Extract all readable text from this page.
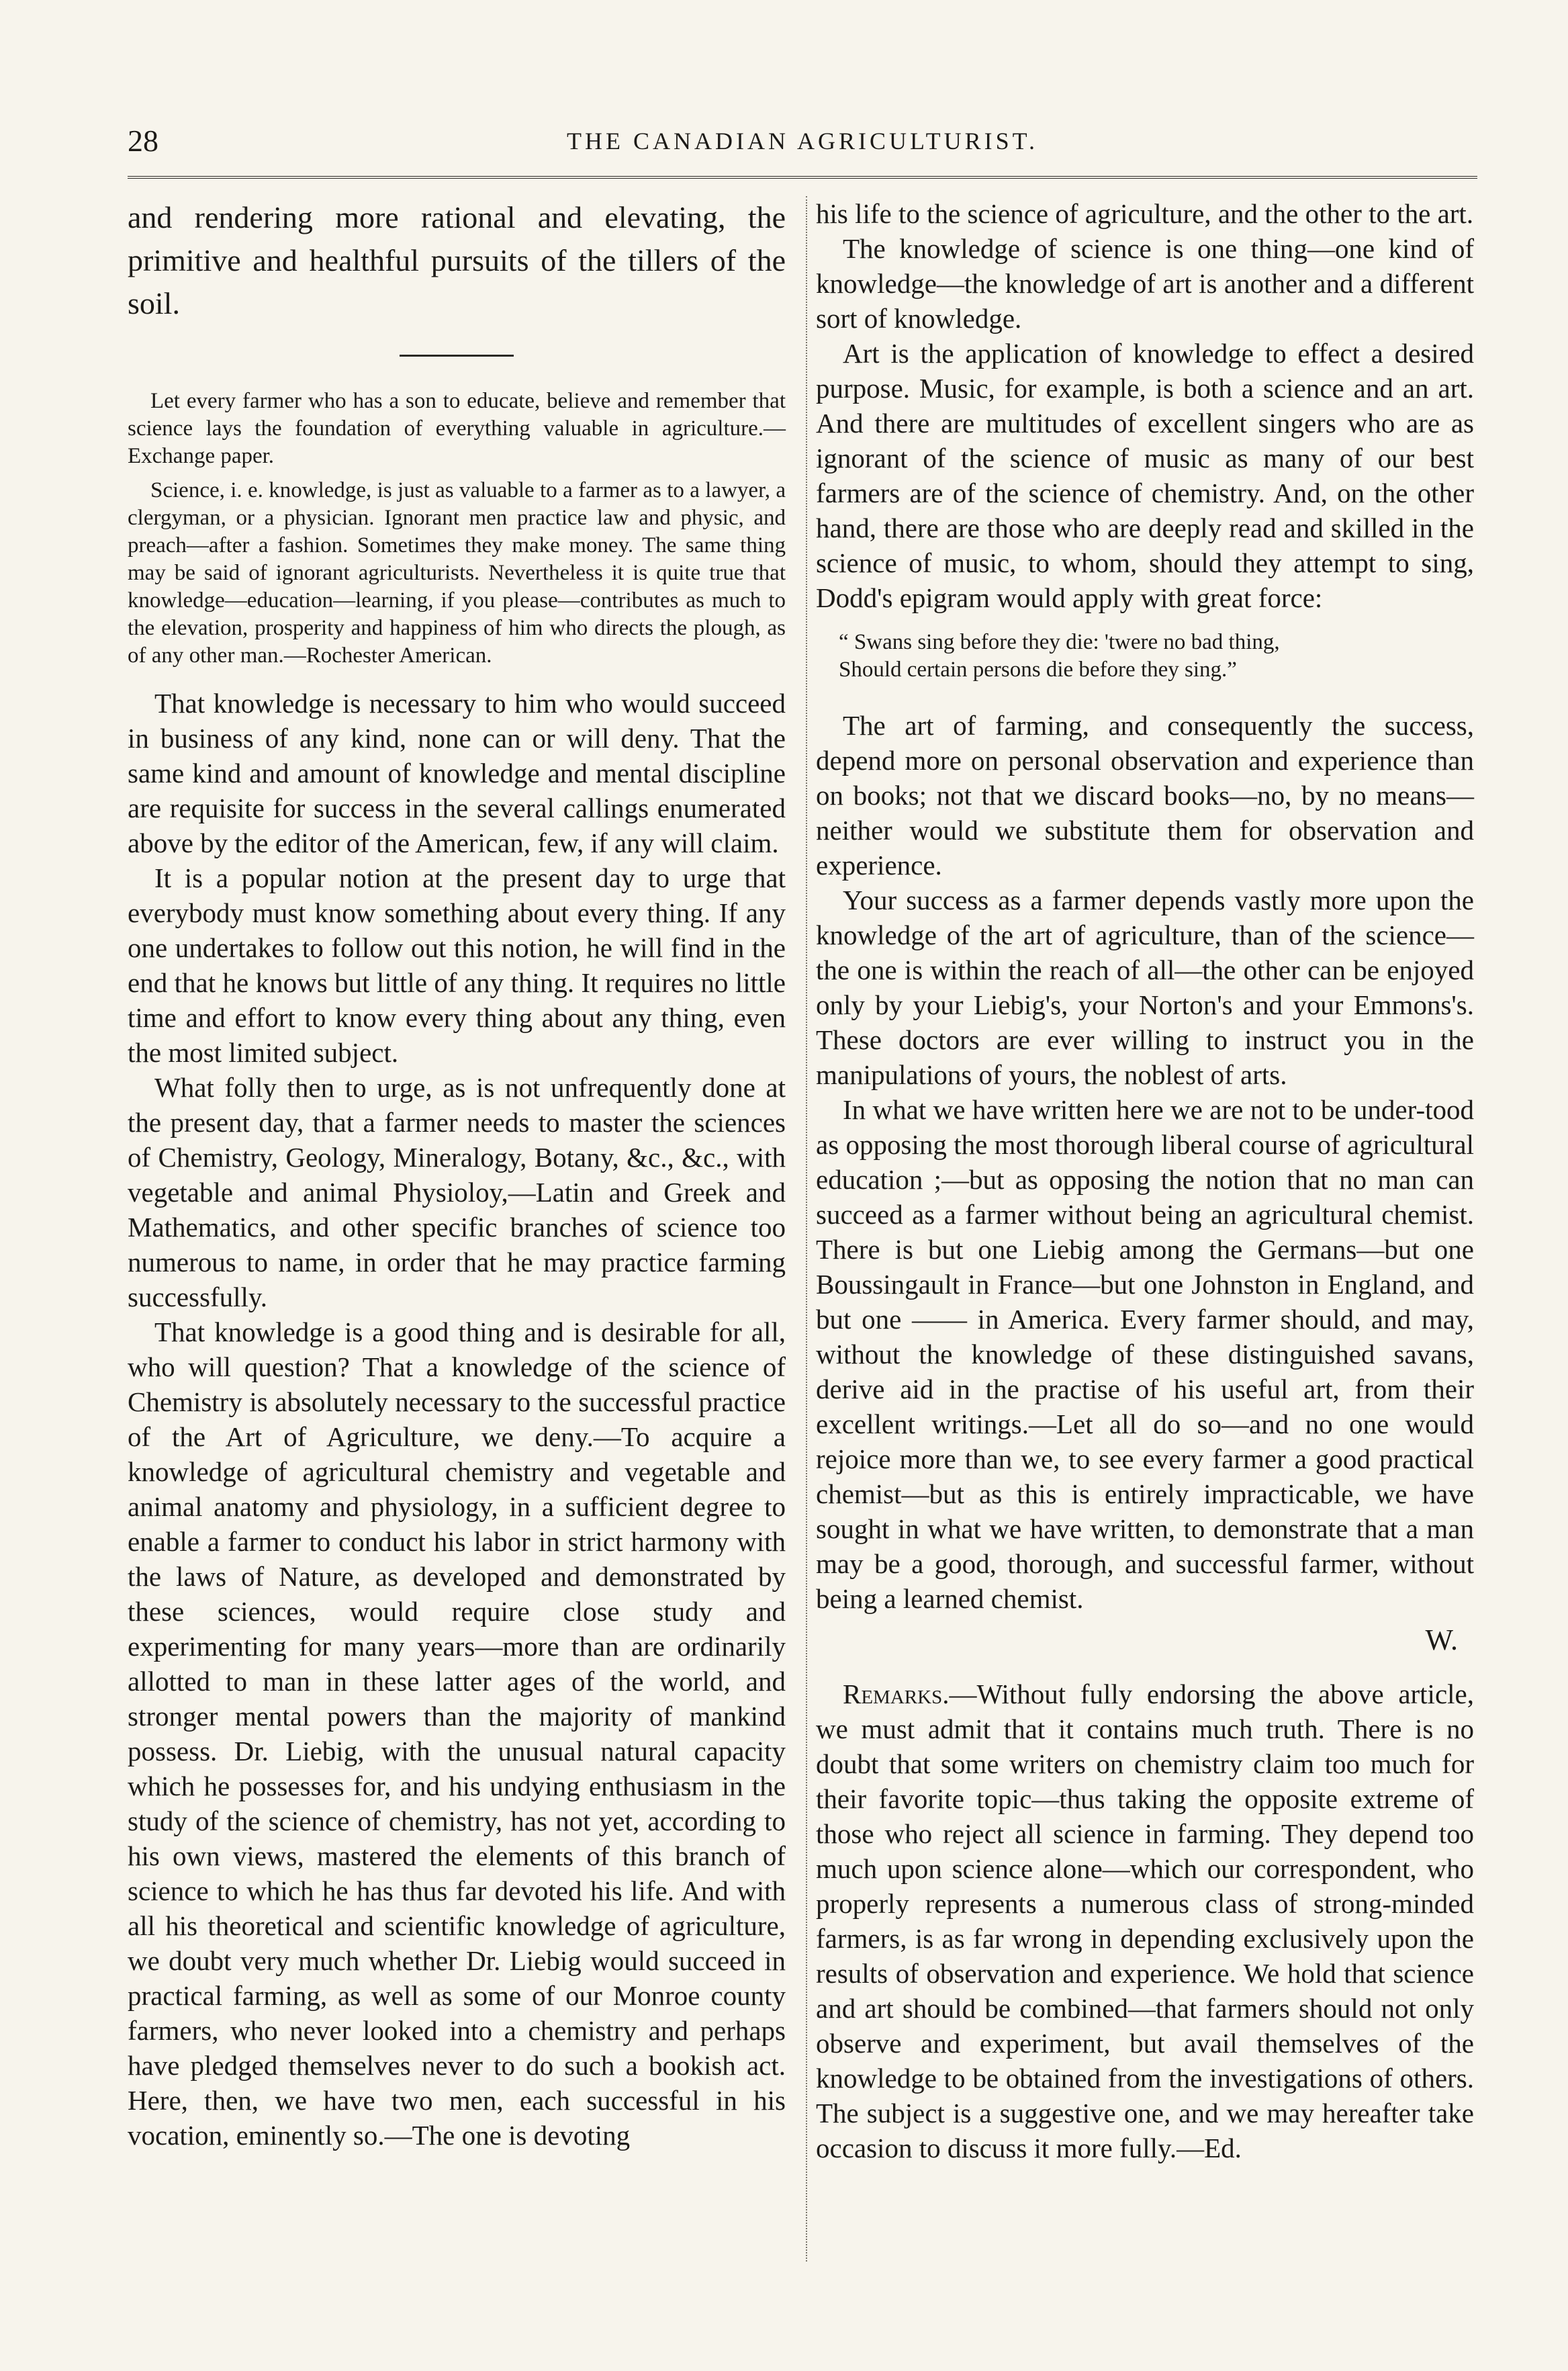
28	THE CANADIAN AGRICULTURIST.

and rendering more rational and elevating, the primitive and healthful pursuits of the tillers of the soil.

Let every farmer who has a son to educate, believe and remember that science lays the foundation of everything valuable in agriculture.—Exchange paper.

Science, i. e. knowledge, is just as valuable to a farmer as to a lawyer, a clergyman, or a physician. Ignorant men practice law and physic, and preach—after a fashion. Sometimes they make money. The same thing may be said of ignorant agriculturists. Nevertheless it is quite true that knowledge—education—learning, if you please—contributes as much to the elevation, prosperity and happiness of him who directs the plough, as of any other man.—Rochester American.

That knowledge is necessary to him who would succeed in business of any kind, none can or will deny. That the same kind and amount of knowledge and mental discipline are requisite for success in the several callings enumerated above by the editor of the American, few, if any will claim.

It is a popular notion at the present day to urge that everybody must know something about every thing. If any one undertakes to follow out this notion, he will find in the end that he knows but little of any thing. It requires no little time and effort to know every thing about any thing, even the most limited subject.

What folly then to urge, as is not unfrequently done at the present day, that a farmer needs to master the sciences of Chemistry, Geology, Mineralogy, Botany, &c., &c., with vegetable and animal Physioloy,—Latin and Greek and Mathematics, and other specific branches of science too numerous to name, in order that he may practice farming successfully.

That knowledge is a good thing and is desirable for all, who will question? That a knowledge of the science of Chemistry is absolutely necessary to the successful practice of the Art of Agriculture, we deny.—To acquire a knowledge of agricultural chemistry and vegetable and animal anatomy and physiology, in a sufficient degree to enable a farmer to conduct his labor in strict harmony with the laws of Nature, as developed and demonstrated by these sciences, would require close study and experimenting for many years—more than are ordinarily allotted to man in these latter ages of the world, and stronger mental powers than the majority of mankind possess. Dr. Liebig, with the unusual natural capacity which he possesses for, and his undying enthusiasm in the study of the science of chemistry, has not yet, according to his own views, mastered the elements of this branch of science to which he has thus far devoted his life. And with all his theoretical and scientific knowledge of agriculture, we doubt very much whether Dr. Liebig would succeed in practical farming, as well as some of our Monroe county farmers, who never looked into a chemistry and perhaps have pledged themselves never to do such a bookish act. Here, then, we have two men, each successful in his vocation, eminently so.—The one is devoting

his life to the science of agriculture, and the other to the art.

The knowledge of science is one thing—one kind of knowledge—the knowledge of art is another and a different sort of knowledge.

Art is the application of knowledge to effect a desired purpose. Music, for example, is both a science and an art. And there are multitudes of excellent singers who are as ignorant of the science of music as many of our best farmers are of the science of chemistry. And, on the other hand, there are those who are deeply read and skilled in the science of music, to whom, should they attempt to sing, Dodd's epigram would apply with great force:

“ Swans sing before they die: 'twere no bad thing,
Should certain persons die before they sing.”

The art of farming, and consequently the success, depend more on personal observation and experience than on books; not that we discard books—no, by no means—neither would we substitute them for observation and experience.

Your success as a farmer depends vastly more upon the knowledge of the art of agriculture, than of the science—the one is within the reach of all—the other can be enjoyed only by your Liebig's, your Norton's and your Emmons's. These doctors are ever willing to instruct you in the manipulations of yours, the noblest of arts.

In what we have written here we are not to be under-tood as opposing the most thorough liberal course of agricultural education ;—but as opposing the notion that no man can succeed as a farmer without being an agricultural chemist. There is but one Liebig among the Germans—but one Boussingault in France—but one Johnston in England, and but one —— in America. Every farmer should, and may, without the knowledge of these distinguished savans, derive aid in the practise of his useful art, from their excellent writings.—Let all do so—and no one would rejoice more than we, to see every farmer a good practical chemist—but as this is entirely impracticable, we have sought in what we have written, to demonstrate that a man may be a good, thorough, and successful farmer, without being a learned chemist.

W.

Remarks.—Without fully endorsing the above article, we must admit that it contains much truth. There is no doubt that some writers on chemistry claim too much for their favorite topic—thus taking the opposite extreme of those who reject all science in farming. They depend too much upon science alone—which our correspondent, who properly represents a numerous class of strong-minded farmers, is as far wrong in depending exclusively upon the results of observation and experience. We hold that science and art should be combined—that farmers should not only observe and experiment, but avail themselves of the knowledge to be obtained from the investigations of others. The subject is a suggestive one, and we may hereafter take occasion to discuss it more fully.—Ed.
